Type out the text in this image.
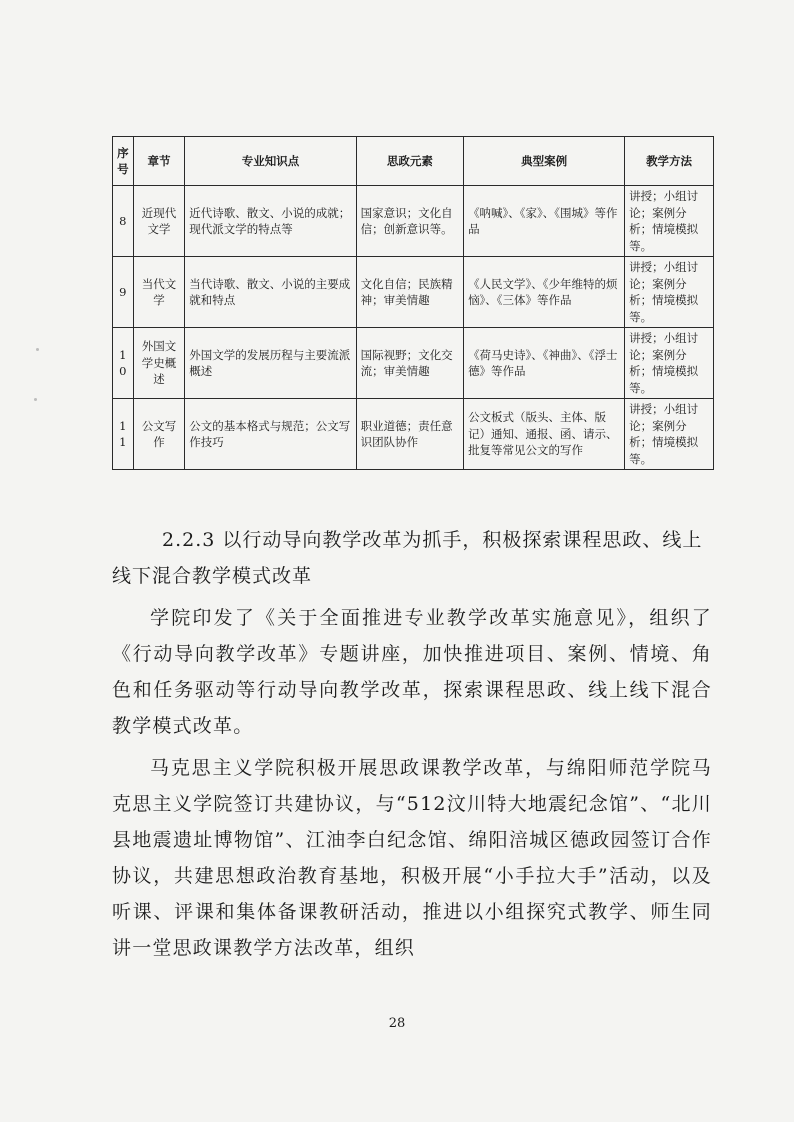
序号	章节	专业知识点	思政元素	典型案例	教学方法
8	近现代文学	近代诗歌、散文、小说的成就；现代派文学的特点等	国家意识；文化自信；创新意识等。	《呐喊》、《家》、《围城》等作品	讲授；小组讨论；案例分析；情境模拟等。
9	当代文学	当代诗歌、散文、小说的主要成就和特点	文化自信；民族精神；审美情趣	《人民文学》、《少年维特的烦恼》、《三体》等作品	讲授；小组讨论；案例分析；情境模拟等。
10	外国文学史概述	外国文学的发展历程与主要流派概述	国际视野；文化交流；审美情趣	《荷马史诗》、《神曲》、《浮士德》等作品	讲授；小组讨论；案例分析；情境模拟等。
11	公文写作	公文的基本格式与规范；公文写作技巧	职业道德；责任意识团队协作	公文板式（版头、主体、版记）通知、通报、函、请示、批复等常见公文的写作	讲授；小组讨论；案例分析；情境模拟等。
2.2.3 以行动导向教学改革为抓手，积极探索课程思政、线上线下混合教学模式改革

学院印发了《关于全面推进专业教学改革实施意见》，组织了《行动导向教学改革》专题讲座，加快推进项目、案例、情境、角色和任务驱动等行动导向教学改革，探索课程思政、线上线下混合教学模式改革。

马克思主义学院积极开展思政课教学改革，与绵阳师范学院马克思主义学院签订共建协议，与“512汶川特大地震纪念馆”、“北川县地震遗址博物馆”、江油李白纪念馆、绵阳涪城区德政园签订合作协议，共建思想政治教育基地，积极开展“小手拉大手”活动，以及听课、评课和集体备课教研活动，推进以小组探究式教学、师生同讲一堂思政课教学方法改革，组织

28
